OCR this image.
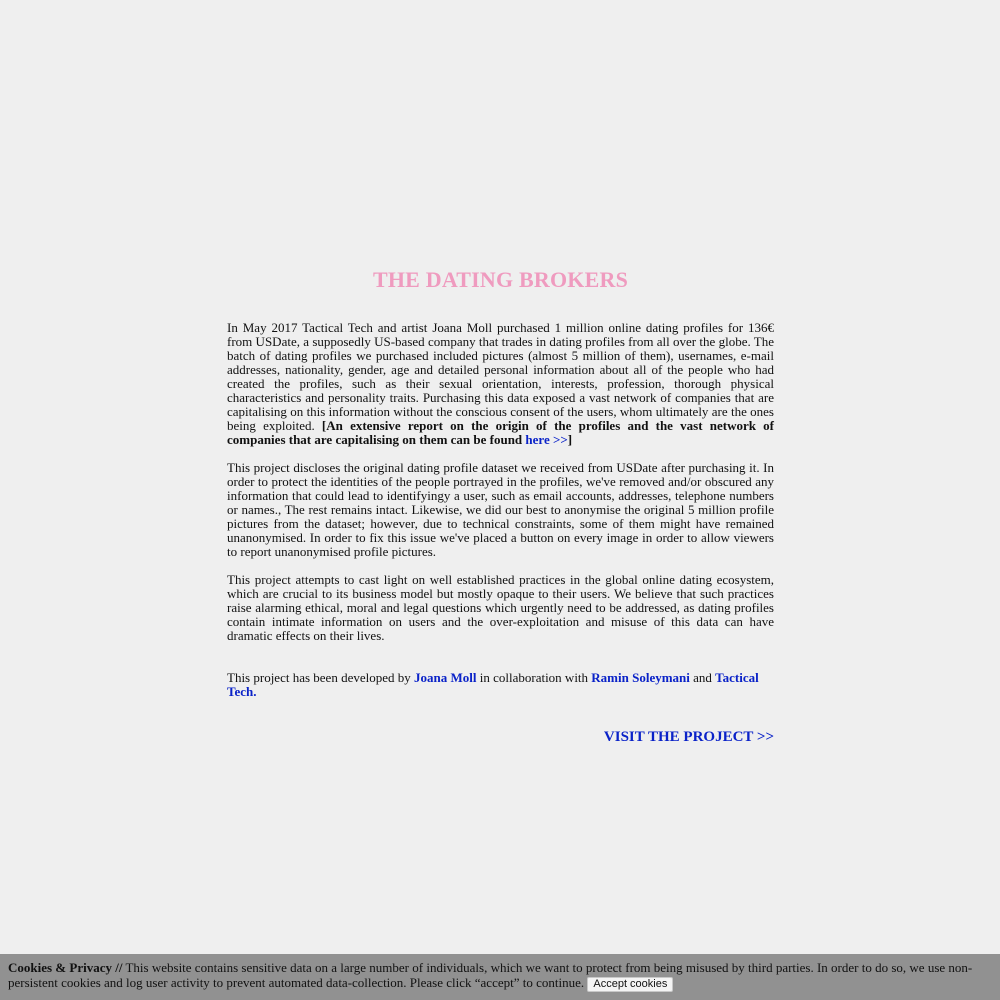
THE DATING BROKERS

In May 2017 Tactical Tech and artist Joana Moll purchased 1 million online dating profiles for 136€ from USDate, a supposedly US-based company that trades in dating profiles from all over the globe. The batch of dating profiles we purchased included pictures (almost 5 million of them), usernames, e-mail addresses, nationality, gender, age and detailed personal information about all of the people who had created the profiles, such as their sexual orientation, interests, profession, thorough physical characteristics and personality traits. Purchasing this data exposed a vast network of companies that are capitalising on this information without the conscious consent of the users, whom ultimately are the ones being exploited. [An extensive report on the origin of the profiles and the vast network of companies that are capitalising on them can be found here >>]

This project discloses the original dating profile dataset we received from USDate after purchasing it. In order to protect the identities of the people portrayed in the profiles, we've removed and/or obscured any information that could lead to identifyingy a user, such as email accounts, addresses, telephone numbers or names., The rest remains intact. Likewise, we did our best to anonymise the original 5 million profile pictures from the dataset; however, due to technical constraints, some of them might have remained unanonymised. In order to fix this issue we've placed a button on every image in order to allow viewers to report unanonymised profile pictures.

This project attempts to cast light on well established practices in the global online dating ecosystem, which are crucial to its business model but mostly opaque to their users. We believe that such practices raise alarming ethical, moral and legal questions which urgently need to be addressed, as dating profiles contain intimate information on users and the over-exploitation and misuse of this data can have dramatic effects on their lives.

This project has been developed by Joana Moll in collaboration with Ramin Soleymani and Tactical Tech.

VISIT THE PROJECT >>
Cookies & Privacy // This website contains sensitive data on a large number of individuals, which we want to protect from being misused by third parties. In order to do so, we use non-persistent cookies and log user activity to prevent automated data-collection. Please click “accept” to continue. Accept cookies
